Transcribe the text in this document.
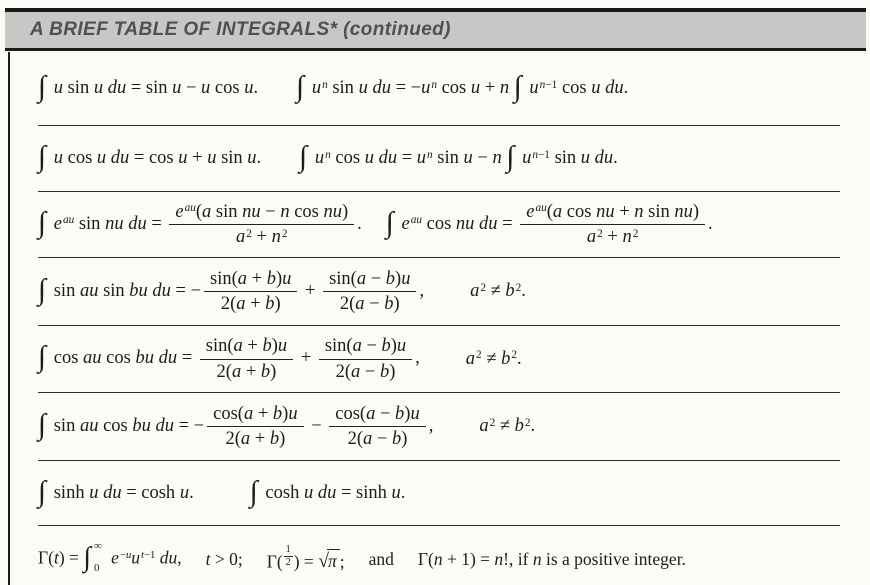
A BRIEF TABLE OF INTEGRALS* (continued)
∫ u sin u du = sin u − u cos u. ∫ $u^n$ sin u du = $-u^n$ cos u + n ∫ $u^{n-1}$ cos u du.
∫ u cos u du = cos u + u sin u. ∫ $u^n$ cos u du = $u^n$ sin u − n ∫ $u^{n-1}$ sin u du.
∫ $e^{au}$ sin nu du = $\frac{e^{au}(a \sin nu - n \cos nu)}{a^2 + n^2}$ . ∫ $e^{au}$ cos nu du = $\frac{e^{au}(a \cos nu + n \sin nu)}{a^2 + n^2}$ .
∫ sin au sin bu du = − $\frac{\sin(a + b)u}{2(a + b)} + \frac{\sin(a - b)u}{2(a - b)}$ , $a^2 \ne b^2$.
∫ cos au cos bu du = $\frac{\sin(a + b)u}{2(a + b)} + \frac{\sin(a - b)u}{2(a - b)}$ , $a^2 \ne b^2$.
∫ sin au cos bu du = − $\frac{\cos(a + b)u}{2(a + b)} - \frac{\cos(a - b)u}{2(a - b)}$ , $a^2 \ne b^2$.
∫ sinh u du = cosh u. ∫ cosh u du = sinh u.
Γ(t) = ∫ ∞
0
$e^{-u}u^{t-1}$ du, t > 0; $\Gamma( \frac{1}{2}$ ) = √π ; and Γ(n + 1) = n!, if n is a positive integer.
